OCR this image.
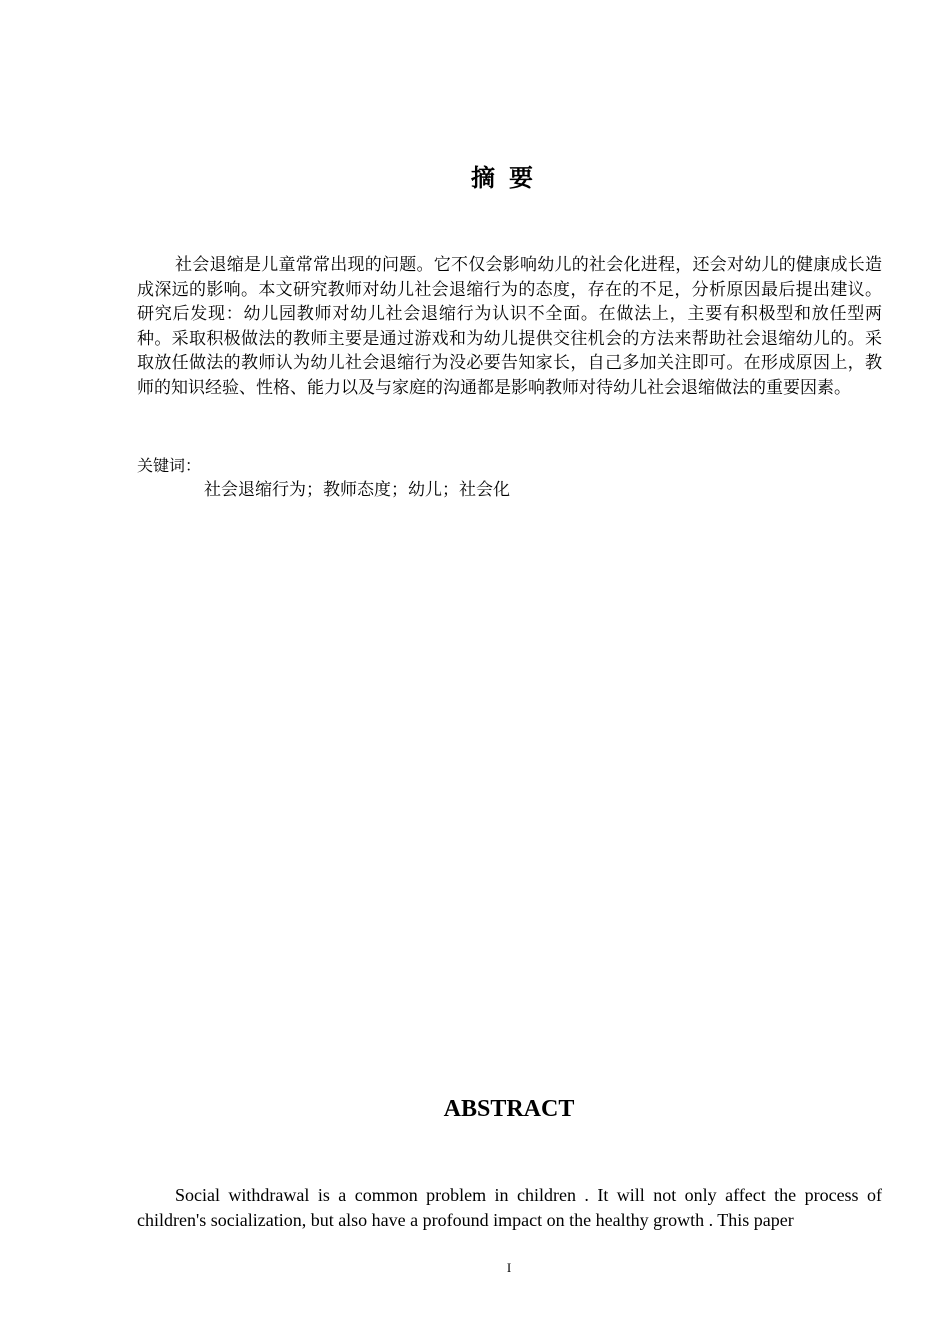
摘要

社会退缩是儿童常常出现的问题。它不仅会影响幼儿的社会化进程，还会对幼儿的健康成长造成深远的影响。本文研究教师对幼儿社会退缩行为的态度，存在的不足，分析原因最后提出建议。研究后发现：幼儿园教师对幼儿社会退缩行为认识不全面。在做法上，主要有积极型和放任型两种。采取积极做法的教师主要是通过游戏和为幼儿提供交往机会的方法来帮助社会退缩幼儿的。采取放任做法的教师认为幼儿社会退缩行为没必要告知家长，自己多加关注即可。在形成原因上，教师的知识经验、性格、能力以及与家庭的沟通都是影响教师对待幼儿社会退缩做法的重要因素。

关键词：
社会退缩行为；教师态度；幼儿；社会化
ABSTRACT

Social withdrawal is a common problem in children . It will not only affect the process of children's socialization, but also have a profound impact on the healthy growth . This paper

I
